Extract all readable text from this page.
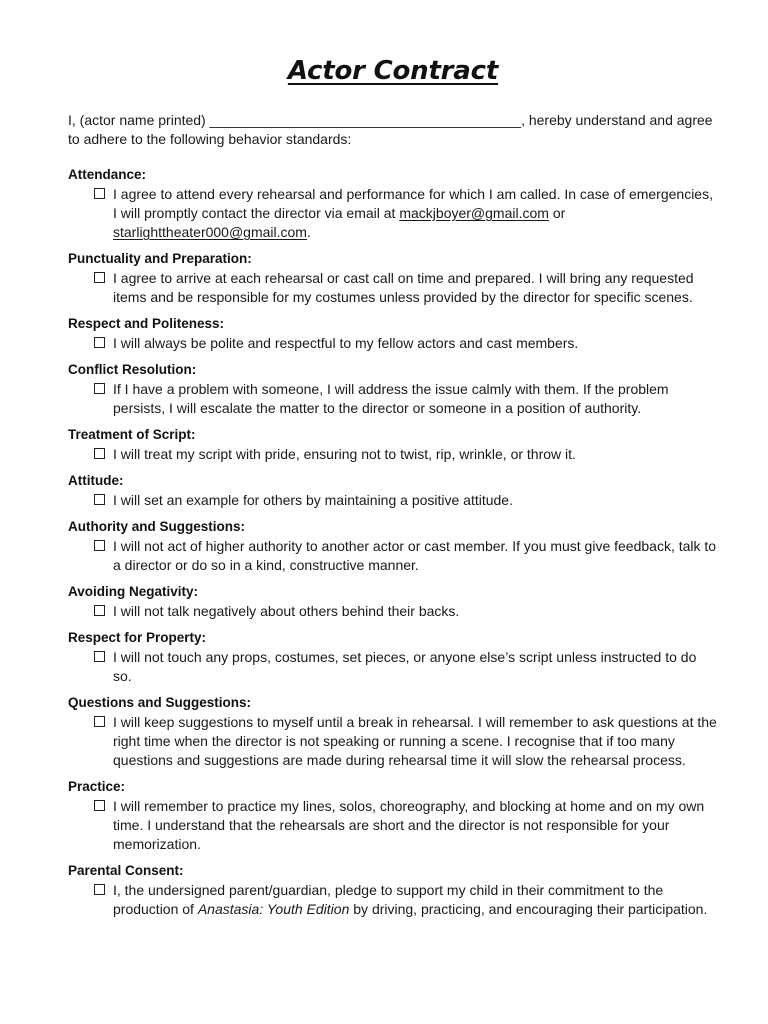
Actor Contract
I, (actor name printed) ________________________________________, hereby understand and agree to adhere to the following behavior standards:
Attendance:
I agree to attend every rehearsal and performance for which I am called. In case of emergencies, I will promptly contact the director via email at mackjboyer@gmail.com or starlighttheater000@gmail.com.
Punctuality and Preparation:
I agree to arrive at each rehearsal or cast call on time and prepared. I will bring any requested items and be responsible for my costumes unless provided by the director for specific scenes.
Respect and Politeness:
I will always be polite and respectful to my fellow actors and cast members.
Conflict Resolution:
If I have a problem with someone, I will address the issue calmly with them. If the problem persists, I will escalate the matter to the director or someone in a position of authority.
Treatment of Script:
I will treat my script with pride, ensuring not to twist, rip, wrinkle, or throw it.
Attitude:
I will set an example for others by maintaining a positive attitude.
Authority and Suggestions:
I will not act of higher authority to another actor or cast member. If you must give feedback, talk to a director or do so in a kind, constructive manner.
Avoiding Negativity:
I will not talk negatively about others behind their backs.
Respect for Property:
I will not touch any props, costumes, set pieces, or anyone else’s script unless instructed to do so.
Questions and Suggestions:
I will keep suggestions to myself until a break in rehearsal. I will remember to ask questions at the right time when the director is not speaking or running a scene. I recognise that if too many questions and suggestions are made during rehearsal time it will slow the rehearsal process.
Practice:
I will remember to practice my lines, solos, choreography, and blocking at home and on my own time. I understand that the rehearsals are short and the director is not responsible for your memorization.
Parental Consent:
I, the undersigned parent/guardian, pledge to support my child in their commitment to the production of Anastasia: Youth Edition by driving, practicing, and encouraging their participation.
